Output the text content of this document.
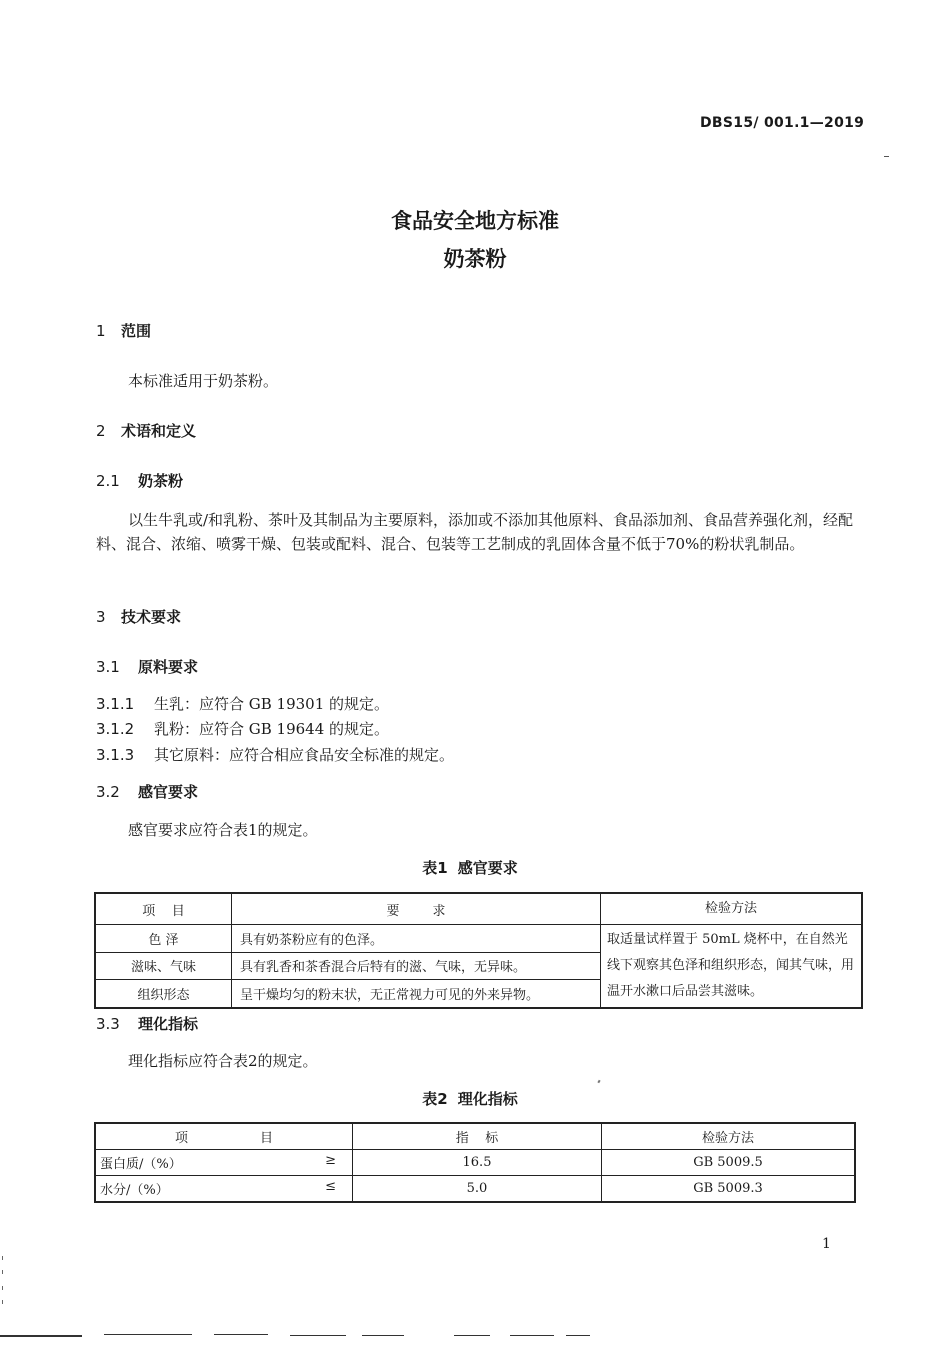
DBS15/ 001.1—2019
食品安全地方标准
奶茶粉
1 范围
本标准适用于奶茶粉。
2 术语和定义
2.1 奶茶粉
以生牛乳或/和乳粉、茶叶及其制品为主要原料，添加或不添加其他原料、食品添加剂、食品营养强化剂，经配料、混合、浓缩、喷雾干燥、包装或配料、混合、包装等工艺制成的乳固体含量不低于70%的粉状乳制品。
3 技术要求
3.1 原料要求
3.1.1 生乳：应符合 GB 19301 的规定。
3.1.2 乳粉：应符合 GB 19644 的规定。
3.1.3 其它原料：应符合相应食品安全标准的规定。
3.2 感官要求
感官要求应符合表1的规定。
表1 感官要求
项 目	要 求	检验方法
色 泽	具有奶茶粉应有的色泽。	取适量试样置于 50mL 烧杯中，在自然光线下观察其色泽和组织形态，闻其气味，用温开水漱口后品尝其滋味。
滋味、气味	具有乳香和茶香混合后特有的滋、气味，无异味。	
组织形态	呈干燥均匀的粉末状，无正常视力可见的外来异物。	
3.3 理化指标
理化指标应符合表2的规定。
表2 理化指标
项 目	指 标	检验方法
蛋白质/（%） ≥	16.5	GB 5009.5
水分/（%） ≤	5.0	GB 5009.3
1
